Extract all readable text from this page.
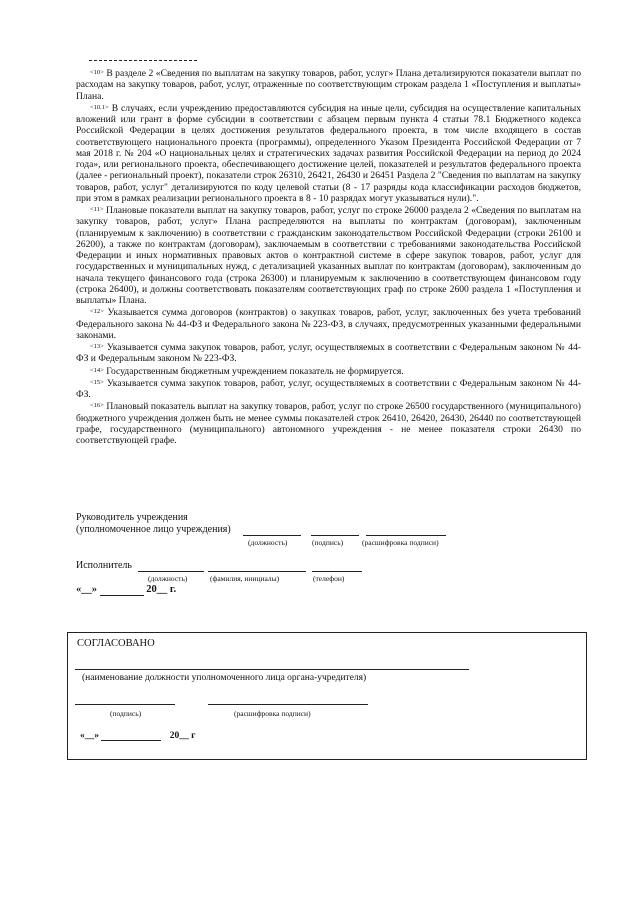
$^{<10>}$ В разделе 2 «Сведения по выплатам на закупку товаров, работ, услуг» Плана детализируются показатели выплат по расходам на закупку товаров, работ, услуг, отраженные по соответствующим строкам раздела 1 «Поступления и выплаты» Плана.

$^{<10.1>}$ В случаях, если учреждению предоставляются субсидия на иные цели, субсидия на осуществление капитальных вложений или грант в форме субсидии в соответствии с абзацем первым пункта 4 статьи 78.1 Бюджетного кодекса Российской Федерации в целях достижения результатов федерального проекта, в том числе входящего в состав соответствующего национального проекта (программы), определенного Указом Президента Российской Федерации от 7 мая 2018 г. № 204 «О национальных целях и стратегических задачах развития Российской Федерации на период до 2024 года», или регионального проекта, обеспечивающего достижение целей, показателей и результатов федерального проекта (далее - региональный проект), показатели строк 26310, 26421, 26430 и 26451 Раздела 2 "Сведения по выплатам на закупку товаров, работ, услуг" детализируются по коду целевой статьи (8 - 17 разряды кода классификации расходов бюджетов, при этом в рамках реализации регионального проекта в 8 - 10 разрядах могут указываться нули).".

$^{<11>}$ Плановые показатели выплат на закупку товаров, работ, услуг по строке 26000 раздела 2 «Сведения по выплатам на закупку товаров, работ, услуг» Плана распределяются на выплаты по контрактам (договорам), заключенным (планируемым к заключению) в соответствии с гражданским законодательством Российской Федерации (строки 26100 и 26200), а также по контрактам (договорам), заключаемым в соответствии с требованиями законодательства Российской Федерации и иных нормативных правовых актов о контрактной системе в сфере закупок товаров, работ, услуг для государственных и муниципальных нужд, с детализацией указанных выплат по контрактам (договорам), заключенным до начала текущего финансового года (строка 26300) и планируемым к заключению в соответствующем финансовом году (строка 26400), и должны соответствовать показателям соответствующих граф по строке 2600 раздела 1 «Поступления и выплаты» Плана.

$^{<12>}$ Указывается сумма договоров (контрактов) о закупках товаров, работ, услуг, заключенных без учета требований Федерального закона № 44-ФЗ и Федерального закона № 223-ФЗ, в случаях, предусмотренных указанными федеральными законами.

$^{<13>}$ Указывается сумма закупок товаров, работ, услуг, осуществляемых в соответствии с Федеральным законом № 44-ФЗ и Федеральным законом № 223-ФЗ.

$^{<14>}$ Государственным бюджетным учреждением показатель не формируется.

$^{<15>}$ Указывается сумма закупок товаров, работ, услуг, осуществляемых в соответствии с Федеральным законом № 44-ФЗ.

$^{<16>}$ Плановый показатель выплат на закупку товаров, работ, услуг по строке 26500 государственного (муниципального) бюджетного учреждения должен быть не менее суммы показателей строк 26410, 26420, 26430, 26440 по соответствующей графе, государственного (муниципального) автономного учреждения - не менее показателя строки 26430 по соответствующей графе.

Руководитель учреждения
(уполномоченное лицо учреждения)
(должность)	(подпись)	(расшифровка подписи)
Исполнитель
(должность)	(фамилия, инициалы)	(телефон)
«__»	20__ г.
СОГЛАСОВАНО
(наименование должности уполномоченного лица органа-учредителя)
(подпись)	(расшифровка подписи)
«__»	20__ г
